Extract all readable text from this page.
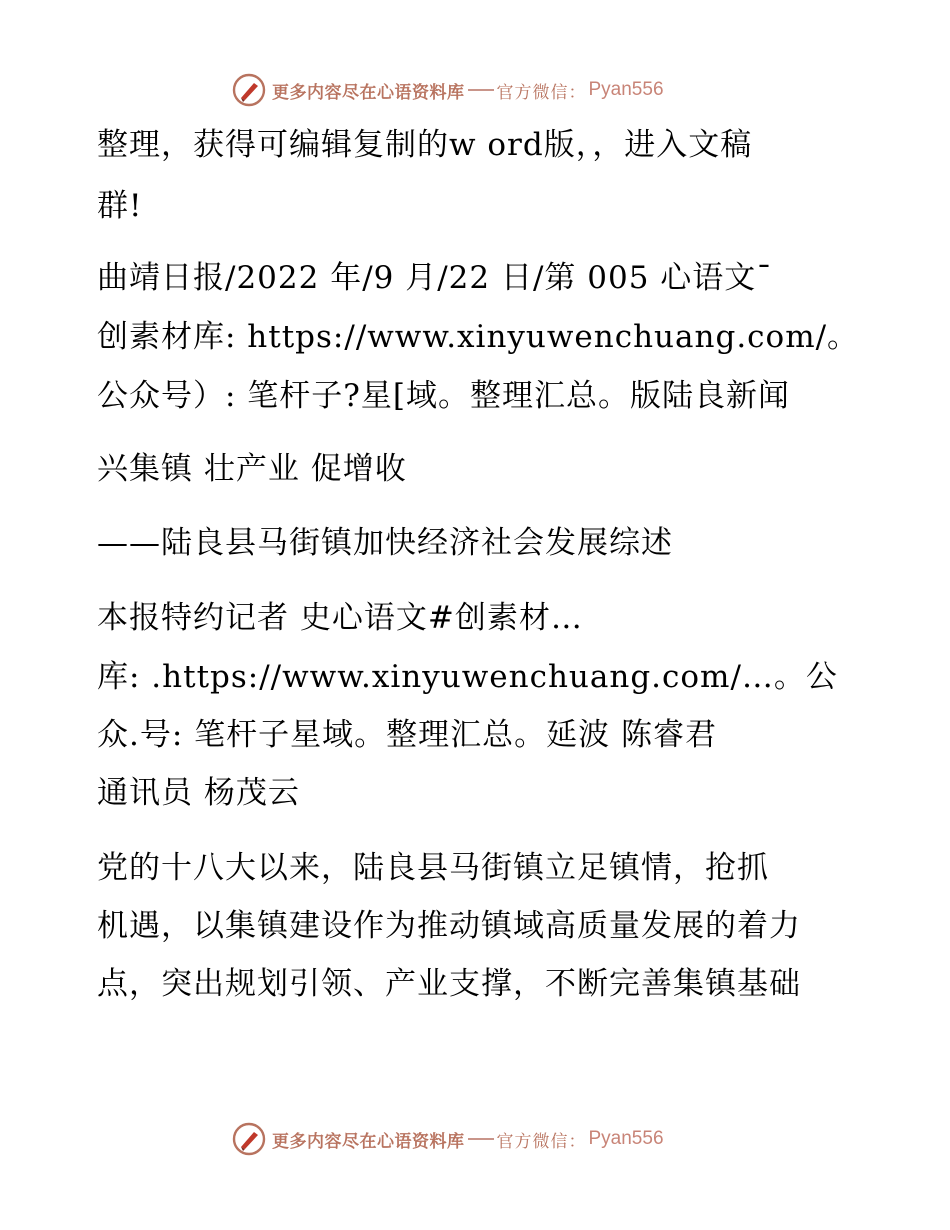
更多内容尽在心语资料库 官方微信： Pyan556
整理，获得可编辑复制的w ord版，，进入文稿
群!
曲靖日报/2022 年/9 月/22 日/第 005 心语文¯
创素材库: https://www.xinyuwenchuang.com/。
公众号）: 笔杆子?星[域。整理汇总。版陆良新闻
兴集镇 壮产业 促增收
——陆良县马街镇加快经济社会发展综述
本报特约记者 史心语文#创素材…
库: .https://www.xinyuwenchuang.com/…。公
众.号: 笔杆子星域。整理汇总。延波 陈睿君
通讯员 杨茂云
党的十八大以来，陆良县马街镇立足镇情，抢抓
机遇，以集镇建设作为推动镇域高质量发展的着力
点，突出规划引领、产业支撑，不断完善集镇基础
更多内容尽在心语资料库 官方微信： Pyan556
